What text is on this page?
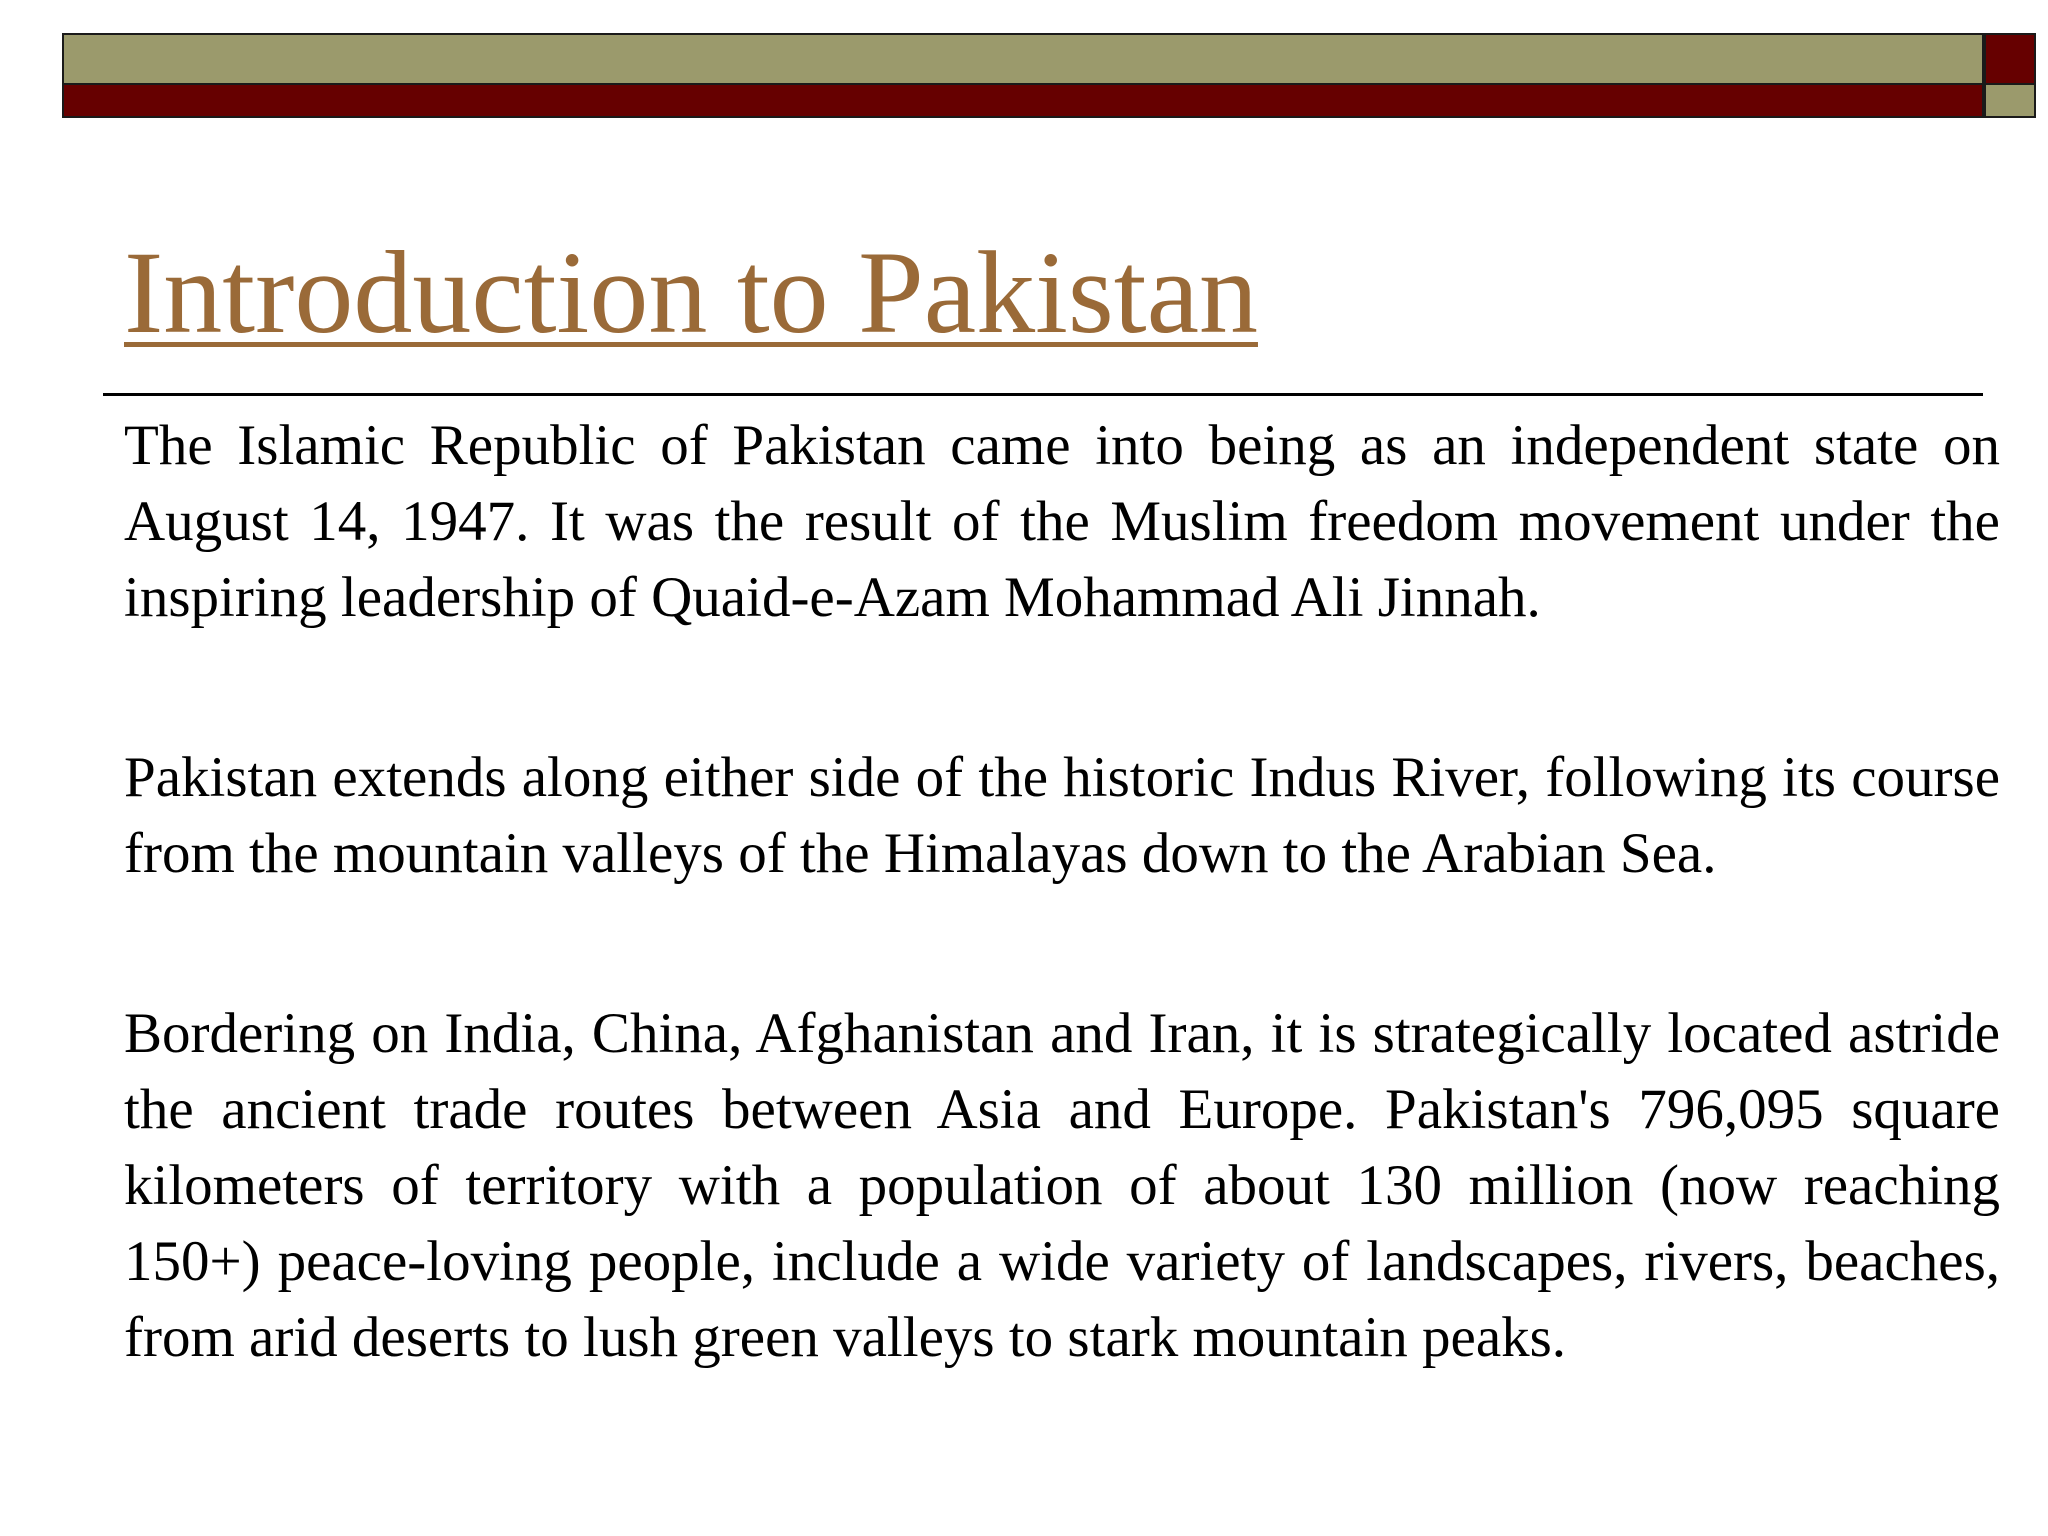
Introduction to Pakistan

The Islamic Republic of Pakistan came into being as an independent state on August 14, 1947. It was the result of the Muslim freedom movement under the inspiring leadership of Quaid-e-Azam Mohammad Ali Jinnah.

Pakistan extends along either side of the historic Indus River, following its course from the mountain valleys of the Himalayas down to the Arabian Sea.

Bordering on India, China, Afghanistan and Iran, it is strategically located astride the ancient trade routes between Asia and Europe. Pakistan's 796,095 square kilometers of territory with a population of about 130 million (now reaching 150+) peace-loving people, include a wide variety of landscapes, rivers, beaches, from arid deserts to lush green valleys to stark mountain peaks.
